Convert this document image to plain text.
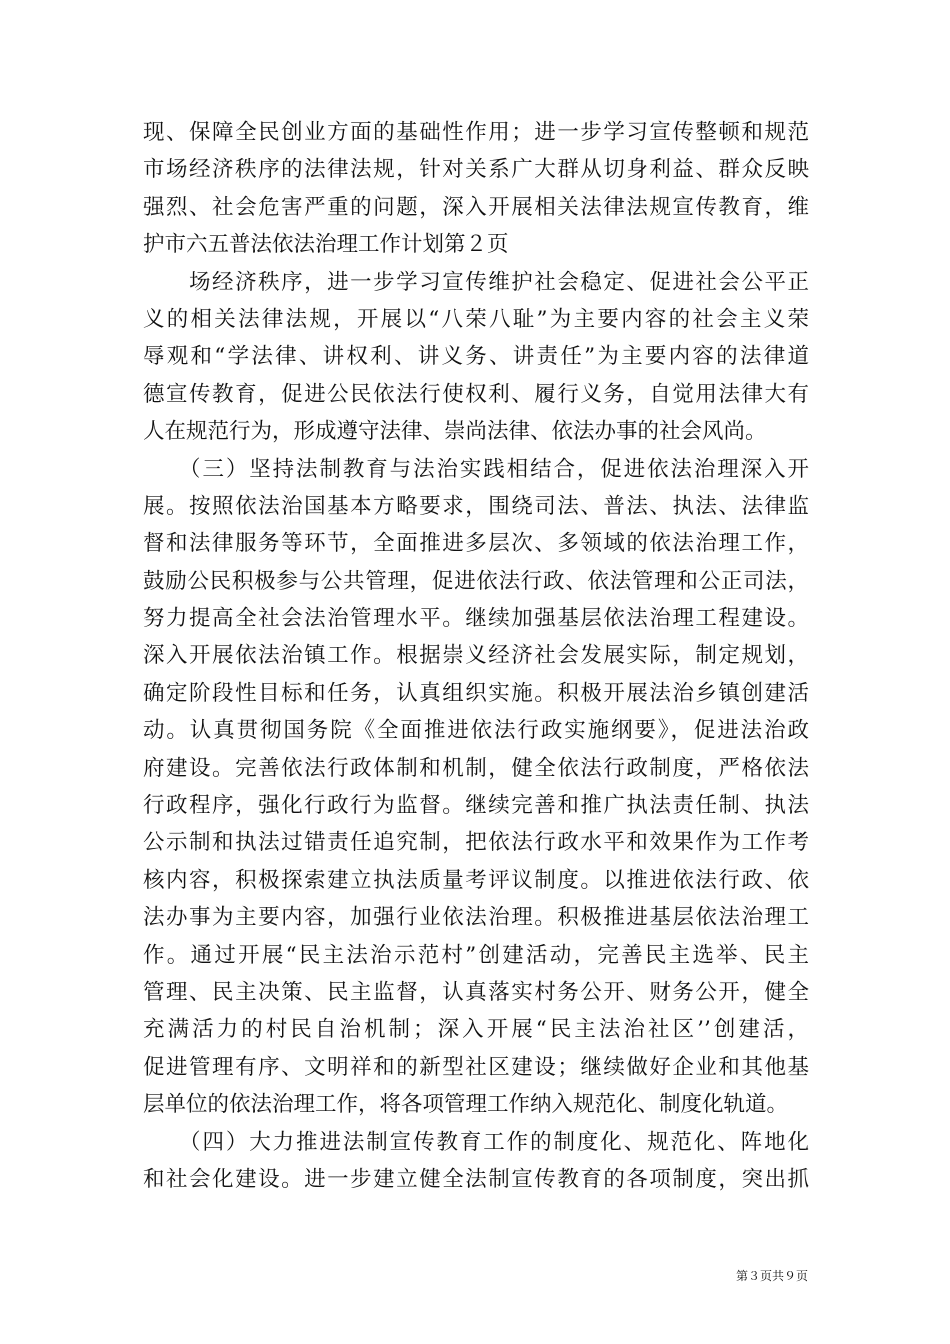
现、保障全民创业方面的基础性作用；进一步学习宣传整顿和规范
市场经济秩序的法律法规，针对关系广大群从切身利益、群众反映
强烈、社会危害严重的问题，深入开展相关法律法规宣传教育，维
护市六五普法依法治理工作计划第２页
　　场经济秩序，进一步学习宣传维护社会稳定、促进社会公平正
义的相关法律法规，开展以“八荣八耻”为主要内容的社会主义荣
辱观和“学法律、讲权利、讲义务、讲责任”为主要内容的法律道
德宣传教育，促进公民依法行使权利、履行义务，自觉用法律大有
人在规范行为，形成遵守法律、崇尚法律、依法办事的社会风尚。
　　（三）坚持法制教育与法治实践相结合，促进依法治理深入开
展。按照依法治国基本方略要求，围绕司法、普法、执法、法律监
督和法律服务等环节，全面推进多层次、多领域的依法治理工作，
鼓励公民积极参与公共管理，促进依法行政、依法管理和公正司法，
努力提高全社会法治管理水平。继续加强基层依法治理工程建设。
深入开展依法治镇工作。根据崇义经济社会发展实际，制定规划，
确定阶段性目标和任务，认真组织实施。积极开展法治乡镇创建活
动。认真贯彻国务院《全面推进依法行政实施纲要》，促进法治政
府建设。完善依法行政体制和机制，健全依法行政制度，严格依法
行政程序，强化行政行为监督。继续完善和推广执法责任制、执法
公示制和执法过错责任追究制，把依法行政水平和效果作为工作考
核内容，积极探索建立执法质量考评议制度。以推进依法行政、依
法办事为主要内容，加强行业依法治理。积极推进基层依法治理工
作。通过开展“民主法治示范村”创建活动，完善民主选举、民主
管理、民主决策、民主监督，认真落实村务公开、财务公开，健全
充满活力的村民自治机制；深入开展“民主法治社区’’创建活，
促进管理有序、文明祥和的新型社区建设；继续做好企业和其他基
层单位的依法治理工作，将各项管理工作纳入规范化、制度化轨道。
　　（四）大力推进法制宣传教育工作的制度化、规范化、阵地化
和社会化建设。进一步建立健全法制宣传教育的各项制度，突出抓
第３页共９页
